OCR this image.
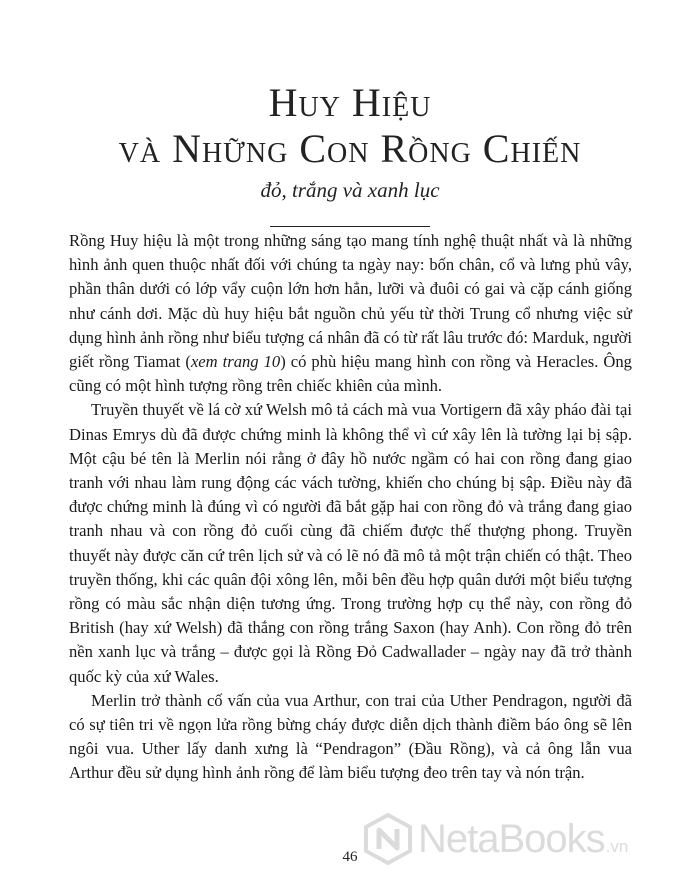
Huy Hiệu
và Những Con Rồng Chiến
đỏ, trắng và xanh lục

Rồng Huy hiệu là một trong những sáng tạo mang tính nghệ thuật nhất và là những hình ảnh quen thuộc nhất đối với chúng ta ngày nay: bốn chân, cổ và lưng phủ vây, phần thân dưới có lớp vẩy cuộn lớn hơn hẳn, lưỡi và đuôi có gai và cặp cánh giống như cánh dơi. Mặc dù huy hiệu bắt nguồn chủ yếu từ thời Trung cổ nhưng việc sử dụng hình ảnh rồng như biểu tượng cá nhân đã có từ rất lâu trước đó: Marduk, người giết rồng Tiamat (xem trang 10) có phù hiệu mang hình con rồng và Heracles. Ông cũng có một hình tượng rồng trên chiếc khiên của mình.

Truyền thuyết về lá cờ xứ Welsh mô tả cách mà vua Vortigern đã xây pháo đài tại Dinas Emrys dù đã được chứng minh là không thể vì cứ xây lên là tường lại bị sập. Một cậu bé tên là Merlin nói rằng ở đây hồ nước ngầm có hai con rồng đang giao tranh với nhau làm rung động các vách tường, khiến cho chúng bị sập. Điều này đã được chứng minh là đúng vì có người đã bắt gặp hai con rồng đỏ và trắng đang giao tranh nhau và con rồng đỏ cuối cùng đã chiếm được thế thượng phong. Truyền thuyết này được căn cứ trên lịch sử và có lẽ nó đã mô tả một trận chiến có thật. Theo truyền thống, khi các quân đội xông lên, mỗi bên đều hợp quân dưới một biểu tượng rồng có màu sắc nhận diện tương ứng. Trong trường hợp cụ thể này, con rồng đỏ British (hay xứ Welsh) đã thắng con rồng trắng Saxon (hay Anh). Con rồng đỏ trên nền xanh lục và trắng – được gọi là Rồng Đỏ Cadwallader – ngày nay đã trở thành quốc kỳ của xứ Wales.

Merlin trở thành cố vấn của vua Arthur, con trai của Uther Pendragon, người đã có sự tiên tri về ngọn lửa rồng bừng cháy được diễn dịch thành điềm báo ông sẽ lên ngôi vua. Uther lấy danh xưng là “Pendragon” (Đầu Rồng), và cả ông lẫn vua Arthur đều sử dụng hình ảnh rồng để làm biểu tượng đeo trên tay và nón trận.

46	NetaBooks.vn
